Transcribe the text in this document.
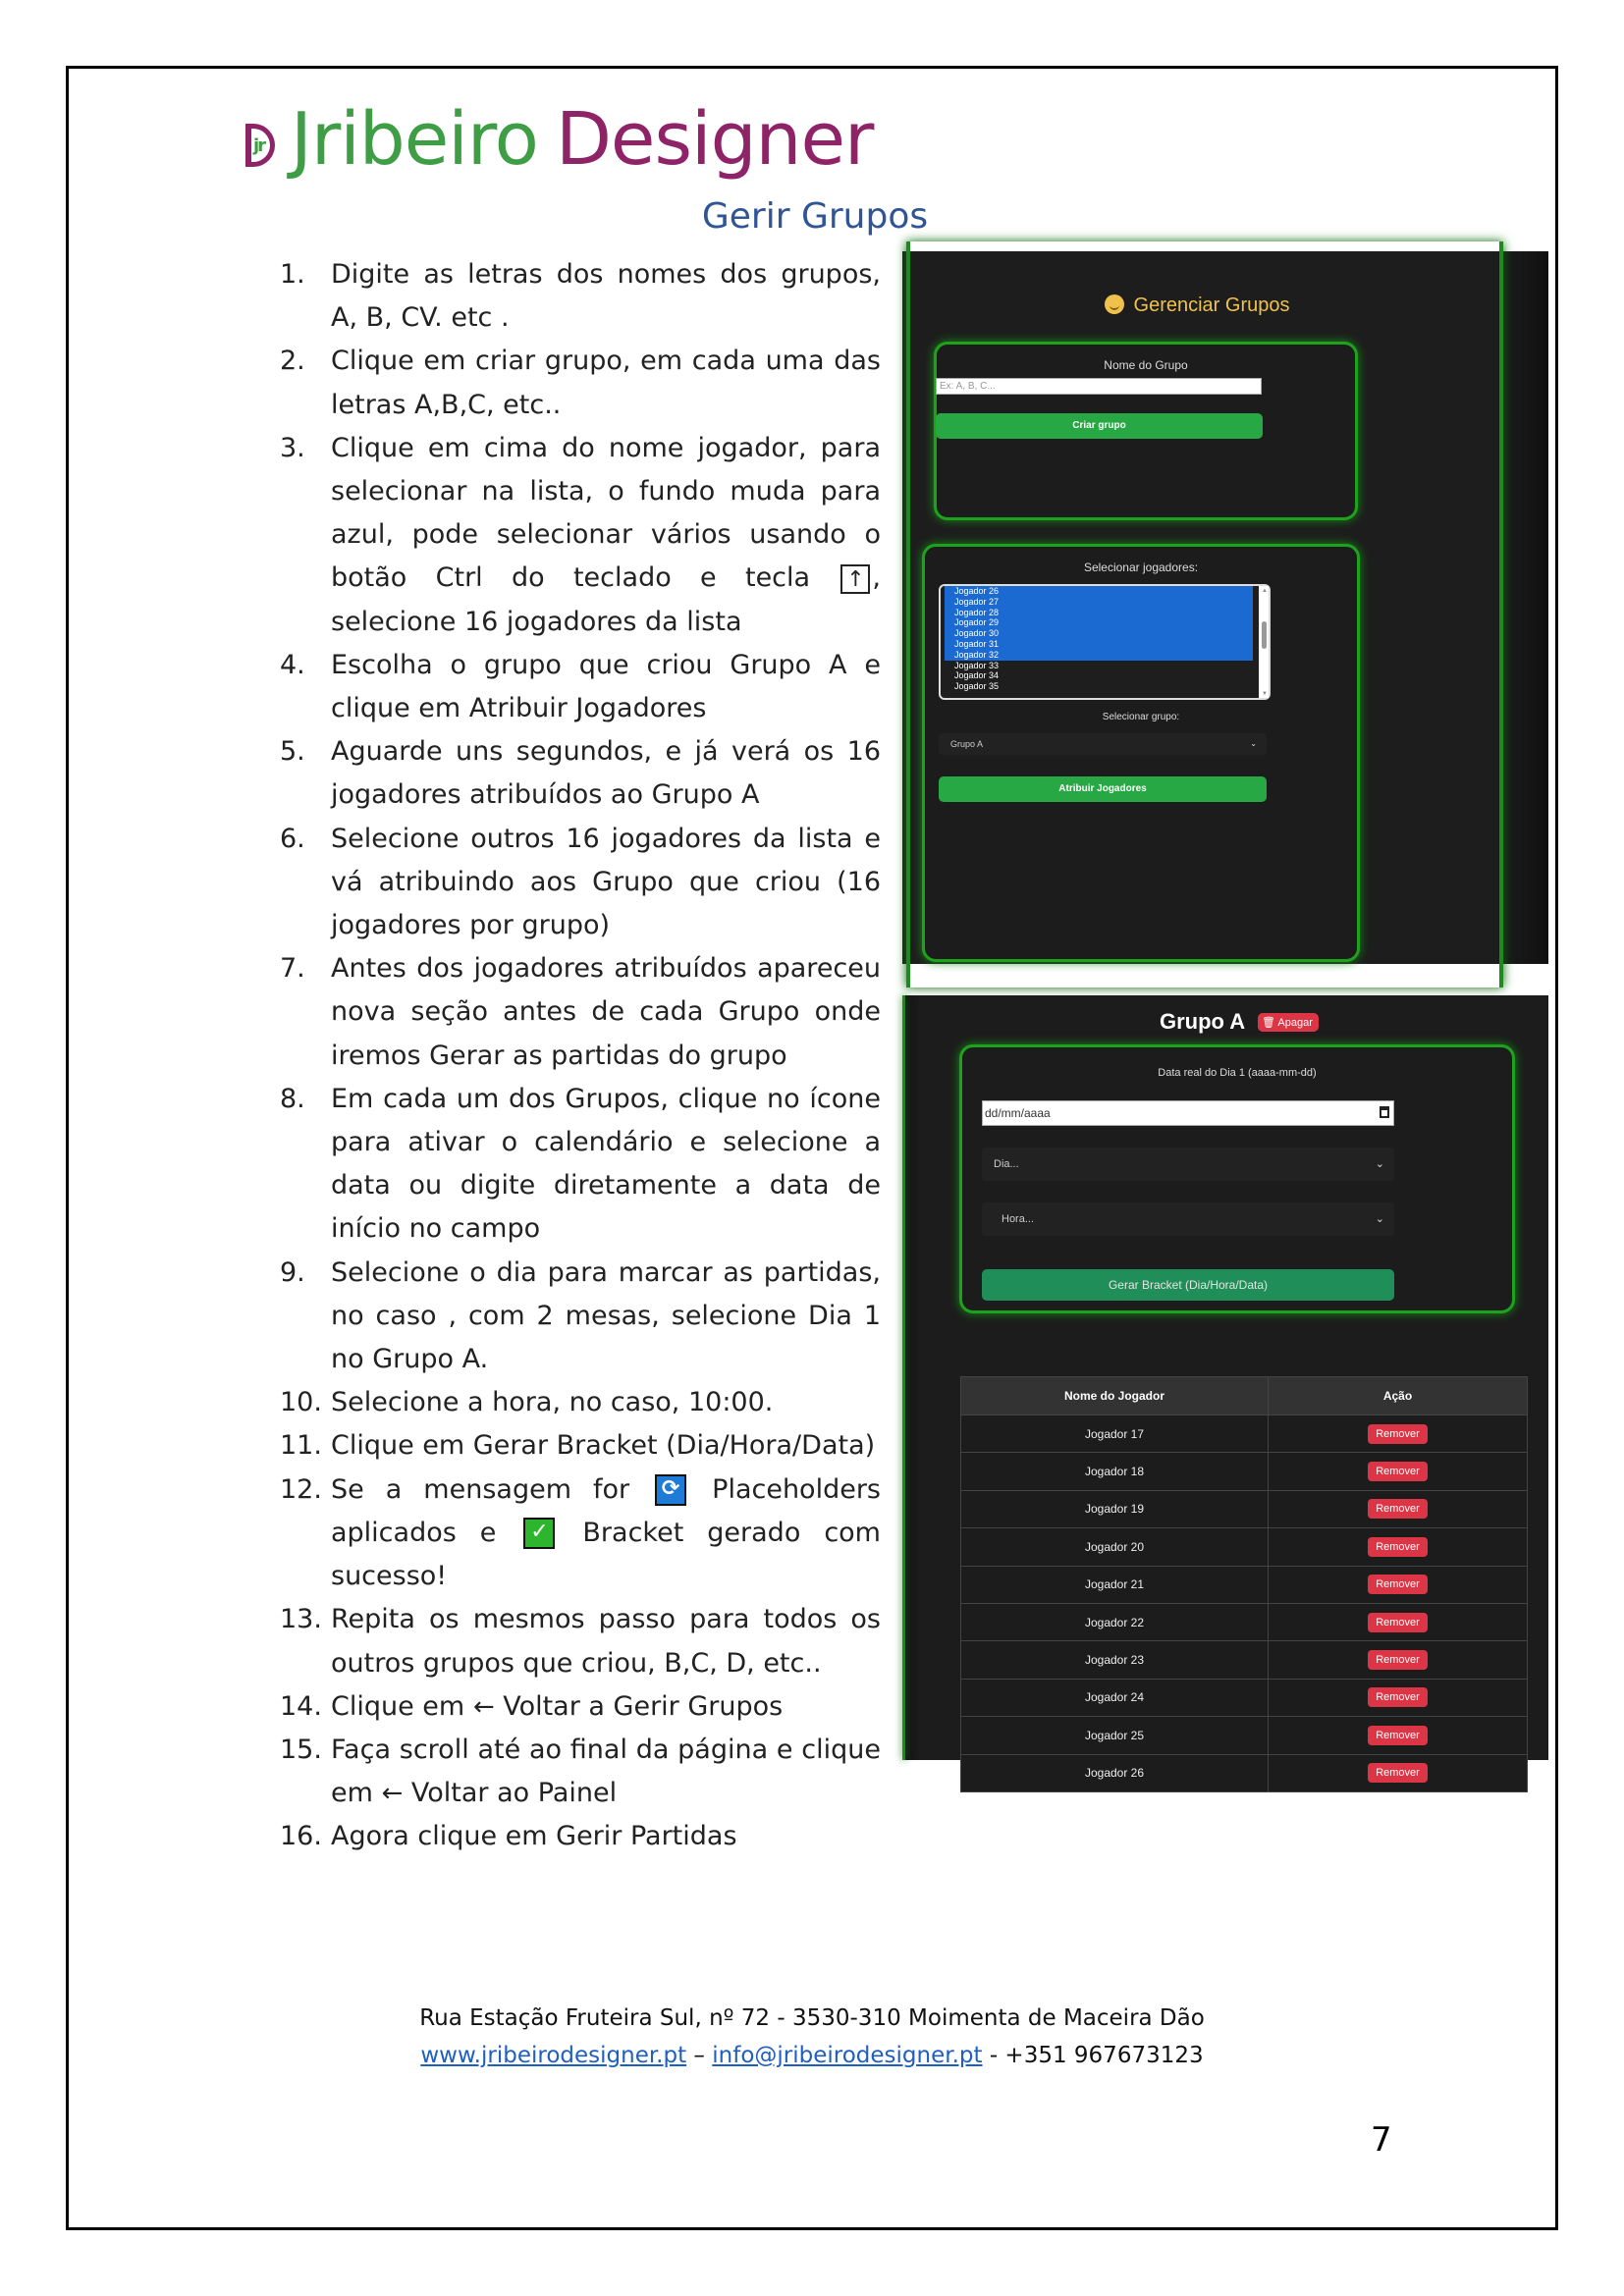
jr Jribeiro Designer
Gerir Grupos
1. Digite as letras dos nomes dos grupos, A, B, CV. etc .
2. Clique em criar grupo, em cada uma das letras A,B,C, etc..
3. Clique em cima do nome jogador, para selecionar na lista, o fundo muda para azul, pode selecionar vários usando o botão Ctrl do teclado e tecla ↑ , selecione 16 jogadores da lista
4. Escolha o grupo que criou Grupo A e clique em Atribuir Jogadores
5. Aguarde uns segundos, e já verá os 16 jogadores atribuídos ao Grupo A
6. Selecione outros 16 jogadores da lista e vá atribuindo aos Grupo que criou (16 jogadores por grupo)
7. Antes dos jogadores atribuídos apareceu nova seção antes de cada Grupo onde iremos Gerar as partidas do grupo
8. Em cada um dos Grupos, clique no ícone para ativar o calendário e selecione a data ou digite diretamente a data de início no campo
9. Selecione o dia para marcar as partidas, no caso , com 2 mesas, selecione Dia 1 no Grupo A.
10. Selecione a hora, no caso, 10:00.
11. Clique em Gerar Bracket (Dia/Hora/Data)
12. Se a mensagem for ⟳ Placeholders aplicados e ✓ Bracket gerado com sucesso!
13. Repita os mesmos passo para todos os outros grupos que criou, B,C, D, etc..
14. Clique em ← Voltar a Gerir Grupos
15. Faça scroll até ao final da página e clique em ← Voltar ao Painel
16. Agora clique em Gerir Partidas
Gerenciar Grupos
Nome do Grupo
Ex: A, B, C...
Criar grupo
Selecionar jogadores:
Jogador 26
Jogador 27
Jogador 28
Jogador 29
Jogador 30
Jogador 31
Jogador 32
Jogador 33
Jogador 34
Jogador 35
▲
▼
Selecionar grupo:
Grupo A	⌄
Atribuir Jogadores
Grupo A	🗑 Apagar
Data real do Dia 1 (aaaa-mm-dd)
dd/mm/aaaa
Dia...	⌄
Hora...	⌄
Gerar Bracket (Dia/Hora/Data)
Nome do Jogador	Ação
Jogador 17	Remover
Jogador 18	Remover
Jogador 19	Remover
Jogador 20	Remover
Jogador 21	Remover
Jogador 22	Remover
Jogador 23	Remover
Jogador 24	Remover
Jogador 25	Remover
Jogador 26	Remover
Rua Estação Fruteira Sul, nº 72 - 3530-310 Moimenta de Maceira Dão
www.jribeirodesigner.pt – info@jribeirodesigner.pt - +351 967673123
7
